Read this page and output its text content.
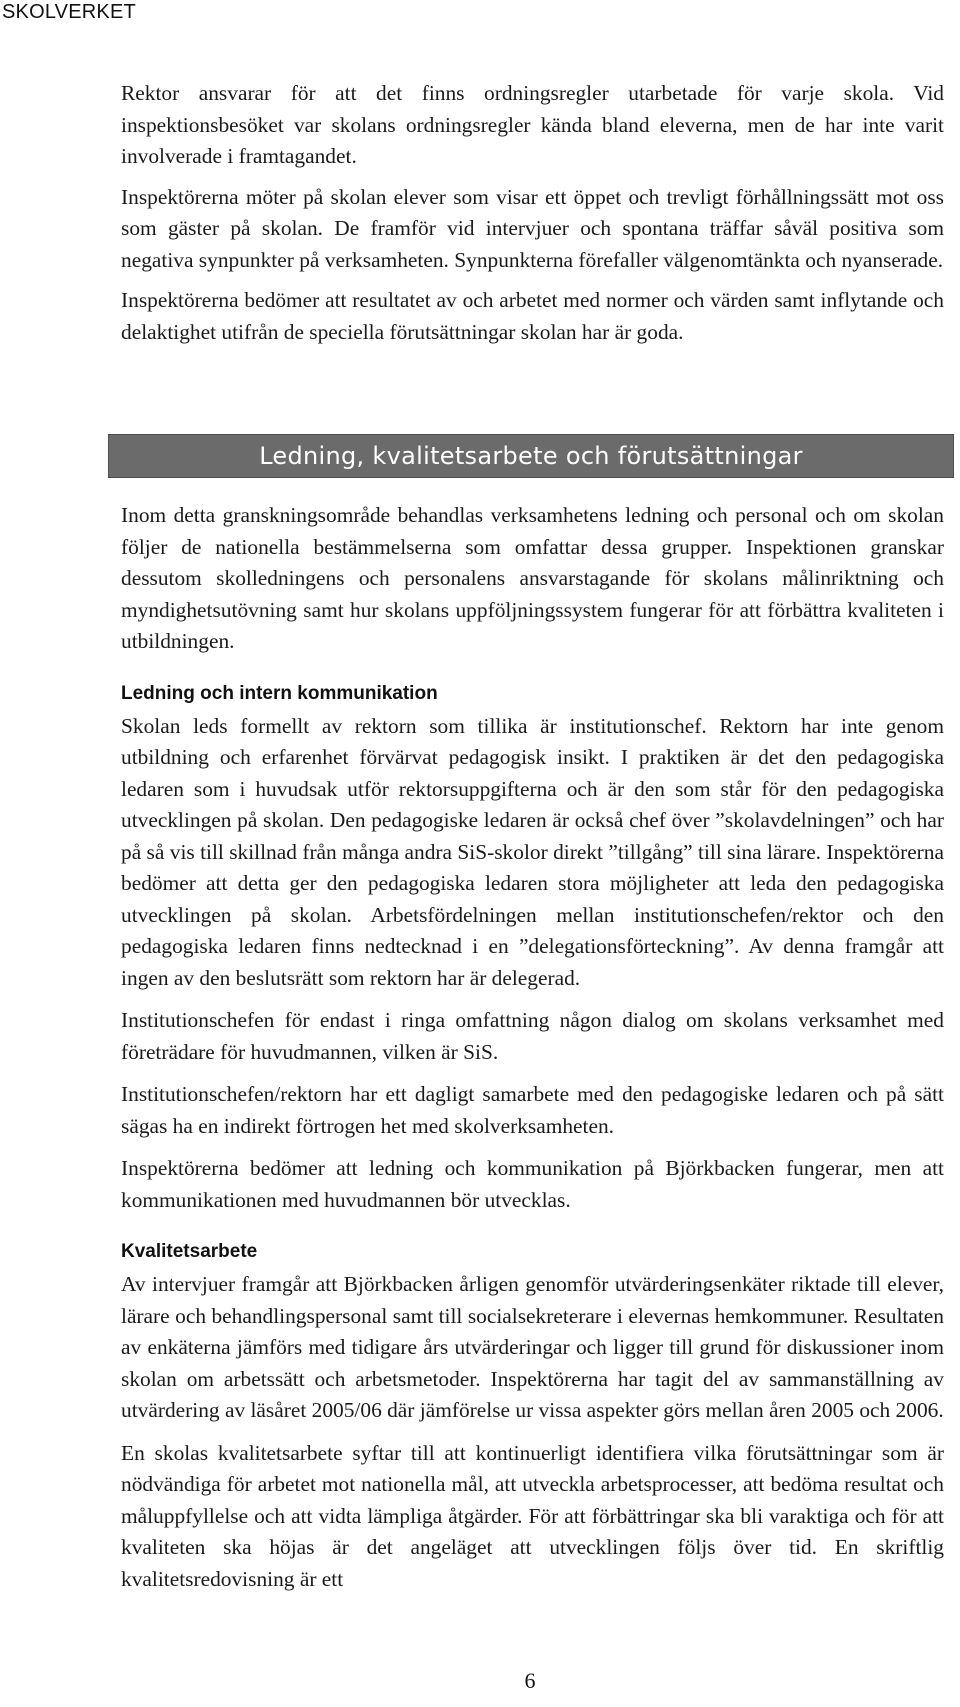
SKOLVERKET

Rektor ansvarar för att det finns ordningsregler utarbetade för varje skola. Vid inspektionsbesöket var skolans ordningsregler kända bland eleverna, men de har inte varit involverade i framtagandet.

Inspektörerna möter på skolan elever som visar ett öppet och trevligt förhållningssätt mot oss som gäster på skolan. De framför vid intervjuer och spontana träffar såväl positiva som negativa synpunkter på verksamheten. Synpunkterna förefaller välgenomtänkta och nyanserade.

Inspektörerna bedömer att resultatet av och arbetet med normer och värden samt inflytande och delaktighet utifrån de speciella förutsättningar skolan har är goda.

Ledning, kvalitetsarbete och förutsättningar

Inom detta granskningsområde behandlas verksamhetens ledning och personal och om skolan följer de nationella bestämmelserna som omfattar dessa grupper. Inspektionen granskar dessutom skolledningens och personalens ansvarstagande för skolans målinriktning och myndighetsutövning samt hur skolans uppföljningssystem fungerar för att förbättra kvaliteten i utbildningen.

Ledning och intern kommunikation

Skolan leds formellt av rektorn som tillika är institutionschef. Rektorn har inte genom utbildning och erfarenhet förvärvat pedagogisk insikt. I praktiken är det den pedagogiska ledaren som i huvudsak utför rektorsuppgifterna och är den som står för den pedagogiska utvecklingen på skolan. Den pedagogiske ledaren är också chef över ”skolavdelningen” och har på så vis till skillnad från många andra SiS-skolor direkt ”tillgång” till sina lärare. Inspektörerna bedömer att detta ger den pedagogiska ledaren stora möjligheter att leda den pedagogiska utvecklingen på skolan. Arbetsfördelningen mellan institutionschefen/rektor och den pedagogiska ledaren finns nedtecknad i en ”delegationsförteckning”. Av denna framgår att ingen av den beslutsrätt som rektorn har är delegerad.

Institutionschefen för endast i ringa omfattning någon dialog om skolans verksamhet med företrädare för huvudmannen, vilken är SiS.

Institutionschefen/rektorn har ett dagligt samarbete med den pedagogiske ledaren och på sätt sägas ha en indirekt förtrogen het med skolverksamheten.

Inspektörerna bedömer att ledning och kommunikation på Björkbacken fungerar, men att kommunikationen med huvudmannen bör utvecklas.

Kvalitetsarbete

Av intervjuer framgår att Björkbacken årligen genomför utvärderingsenkäter riktade till elever, lärare och behandlingspersonal samt till socialsekreterare i elevernas hemkommuner. Resultaten av enkäterna jämförs med tidigare års utvärderingar och ligger till grund för diskussioner inom skolan om arbetssätt och arbetsmetoder. Inspektörerna har tagit del av sammanställning av utvärdering av läsåret 2005/06 där jämförelse ur vissa aspekter görs mellan åren 2005 och 2006.

En skolas kvalitetsarbete syftar till att kontinuerligt identifiera vilka förutsättningar som är nödvändiga för arbetet mot nationella mål, att utveckla arbetsprocesser, att bedöma resultat och måluppfyllelse och att vidta lämpliga åtgärder. För att förbättringar ska bli varaktiga och för att kvaliteten ska höjas är det angeläget att utvecklingen följs över tid. En skriftlig kvalitetsredovisning är ett

6
